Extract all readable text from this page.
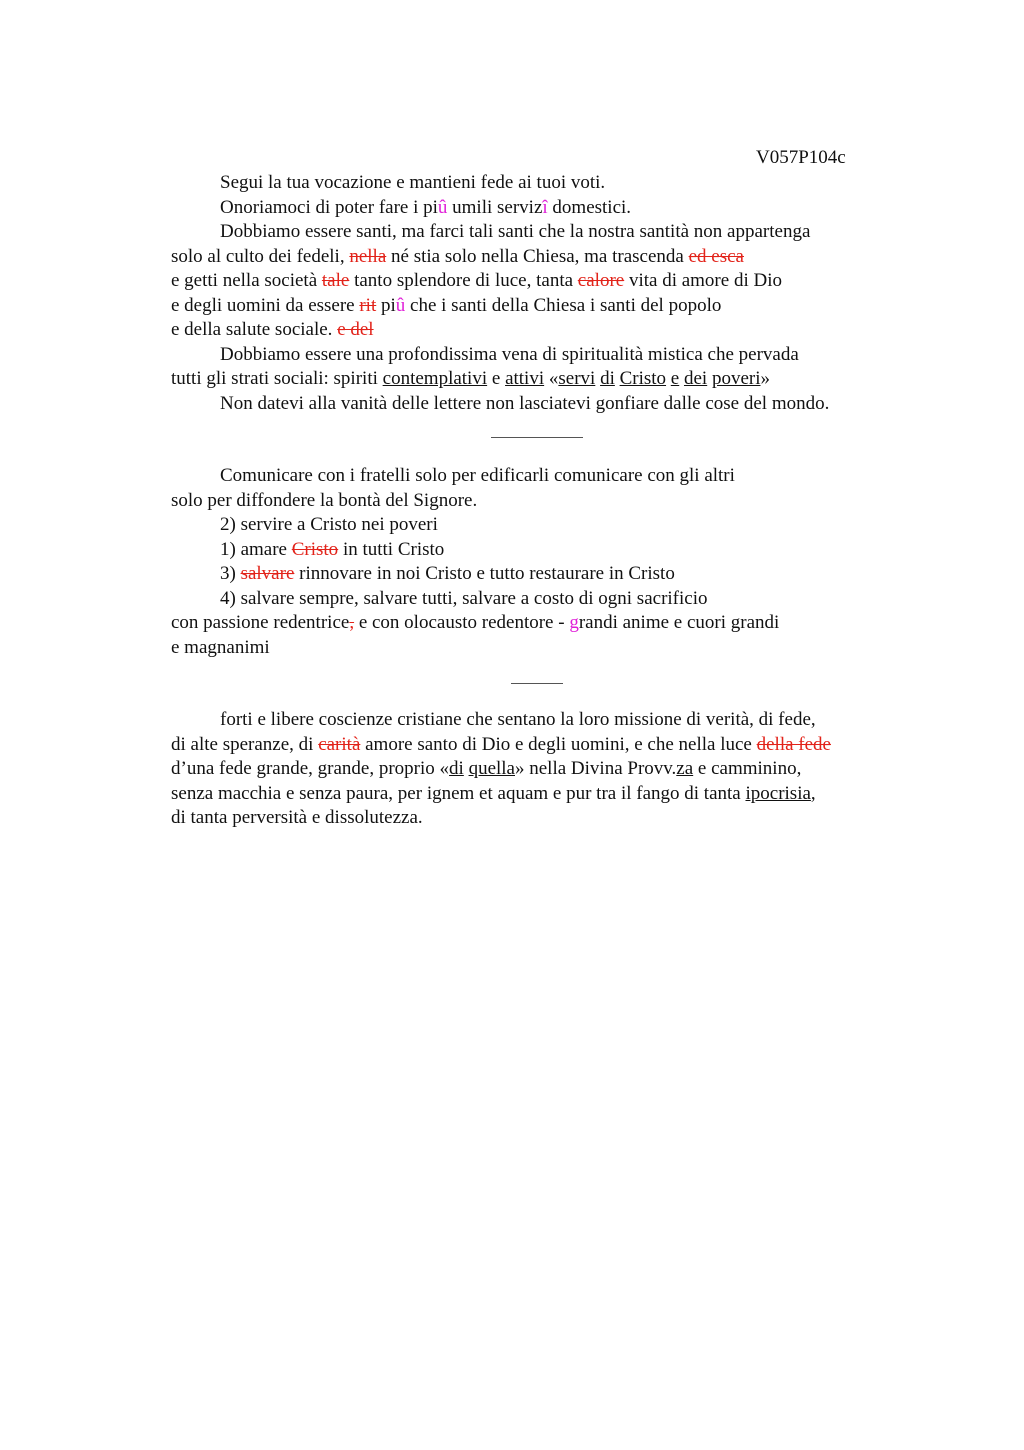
V057P104c
Segui la tua vocazione e mantieni fede ai tuoi voti.
Onoriamoci di poter fare i piû umili servizî domestici.
Dobbiamo essere santi, ma farci tali santi che la nostra santità non appartenga
solo al culto dei fedeli, nella né stia solo nella Chiesa, ma trascenda ed esca
e getti nella società tale tanto splendore di luce, tanta calore vita di amore di Dio
e degli uomini da essere rit piû che i santi della Chiesa i santi del popolo
e della salute sociale. e del
Dobbiamo essere una profondissima vena di spiritualità mistica che pervada
tutti gli strati sociali: spiriti contemplativi e attivi «servi di Cristo e dei poveri»
Non datevi alla vanità delle lettere non lasciatevi gonfiare dalle cose del mondo.
Comunicare con i fratelli solo per edificarli comunicare con gli altri
solo per diffondere la bontà del Signore.
2) servire a Cristo nei poveri
1) amare Cristo in tutti Cristo
3) salvare rinnovare in noi Cristo e tutto restaurare in Cristo
4) salvare sempre, salvare tutti, salvare a costo di ogni sacrificio
con passione redentrice, e con olocausto redentore - grandi anime e cuori grandi
e magnanimi
forti e libere coscienze cristiane che sentano la loro missione di verità, di fede,
di alte speranze, di carità amore santo di Dio e degli uomini, e che nella luce della fede
d’una fede grande, grande, proprio «di quella» nella Divina Provv.za e camminino,
senza macchia e senza paura, per ignem et aquam e pur tra il fango di tanta ipocrisia,
di tanta perversità e dissolutezza.
